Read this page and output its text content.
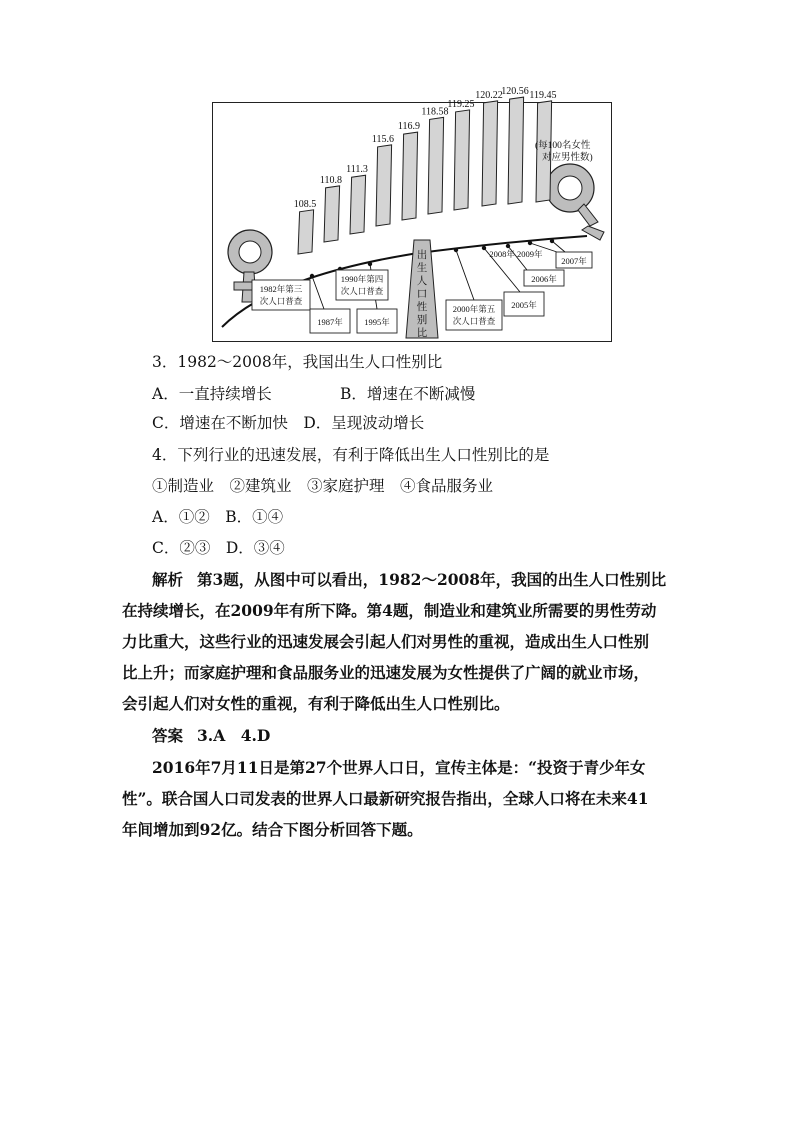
108.5
110.8
111.3
115.6
116.9
118.58
119.25
120.22
120.56 119.45
出生人口性别比
(每100名女性
对应男性数)
1982年第三
次人口普查
1987年
1990年第四
次人口普查
1995年
2000年第五
次人口普查
2005年
2006年
2007年
2008年 2009年
3．1982～2008年，我国出生人口性别比
A．一直持续增长	B．增速在不断减慢
C．增速在不断加快　D．呈现波动增长
4．下列行业的迅速发展，有利于降低出生人口性别比的是
①制造业　②建筑业　③家庭护理　④食品服务业
A．①②　B．①④
C．②③　D．③④
解析 第3题，从图中可以看出，1982～2008年，我国的出生人口性别比
在持续增长，在2009年有所下降。第4题，制造业和建筑业所需要的男性劳动
力比重大，这些行业的迅速发展会引起人们对男性的重视，造成出生人口性别
比上升；而家庭护理和食品服务业的迅速发展为女性提供了广阔的就业市场，
会引起人们对女性的重视，有利于降低出生人口性别比。
答案 3.A　4.D
2016年7月11日是第27个世界人口日，宣传主体是：“投资于青少年女
性”。联合国人口司发表的世界人口最新研究报告指出，全球人口将在未来41
年间增加到92亿。结合下图分析回答下题。
